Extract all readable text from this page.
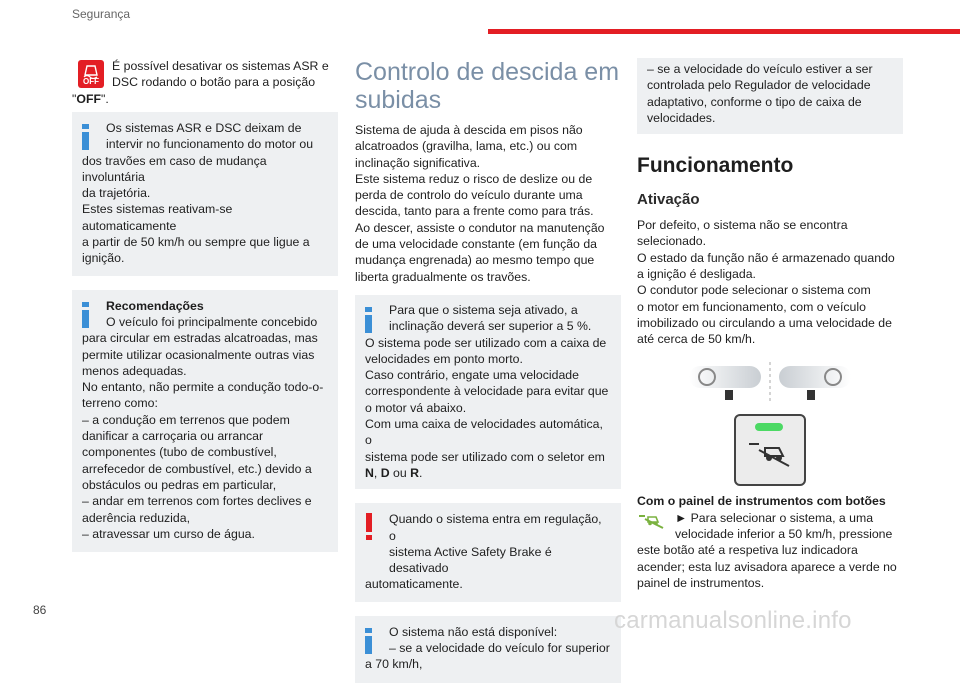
Segurança
OFF
É possível desativar os sistemas ASR e
DSC rodando o botão para a posição
"OFF".
Os sistemas ASR e DSC deixam de
intervir no funcionamento do motor ou
dos travões em caso de mudança involuntária
da trajetória.
Estes sistemas reativam-se automaticamente
a partir de 50 km/h ou sempre que ligue a
ignição.
Recomendações
O veículo foi principalmente concebido
para circular em estradas alcatroadas, mas
permite utilizar ocasionalmente outras vias
menos adequadas.
No entanto, não permite a condução todo-o-
terreno como:
– a condução em terrenos que podem
danificar a carroçaria ou arrancar
componentes (tubo de combustível,
arrefecedor de combustível, etc.) devido a
obstáculos ou pedras em particular,
– andar em terrenos com fortes declives e
aderência reduzida,
– atravessar um curso de água.
Controlo de descida em
subidas

Sistema de ajuda à descida em pisos não

alcatroados (gravilha, lama, etc.) ou com

inclinação significativa.

Este sistema reduz o risco de deslize ou de

perda de controlo do veículo durante uma

descida, tanto para a frente como para trás.

Ao descer, assiste o condutor na manutenção

de uma velocidade constante (em função da

mudança engrenada) ao mesmo tempo que

liberta gradualmente os travões.

Para que o sistema seja ativado, a
inclinação deverá ser superior a 5 %.
O sistema pode ser utilizado com a caixa de
velocidades em ponto morto.
Caso contrário, engate uma velocidade
correspondente à velocidade para evitar que
o motor vá abaixo.
Com uma caixa de velocidades automática, o
sistema pode ser utilizado com o seletor em
N, D ou R.
Quando o sistema entra em regulação, o
sistema Active Safety Brake é desativado
automaticamente.
O sistema não está disponível:
– se a velocidade do veículo for superior
a 70 km/h,
– se a velocidade do veículo estiver a ser
controlada pelo Regulador de velocidade
adaptativo, conforme o tipo de caixa de
velocidades.
Funcionamento
Ativação

Por defeito, o sistema não se encontra

selecionado.

O estado da função não é armazenado quando

a ignição é desligada.

O condutor pode selecionar o sistema com

o motor em funcionamento, com o veículo

imobilizado ou circulando a uma velocidade de

até cerca de 50 km/h.

Com o painel de instrumentos com botões

► Para selecionar o sistema, a uma

velocidade inferior a 50 km/h, pressione

este botão até a respetiva luz indicadora

acender; esta luz avisadora aparece a verde no

painel de instrumentos.

86	carmanualsonline.info
